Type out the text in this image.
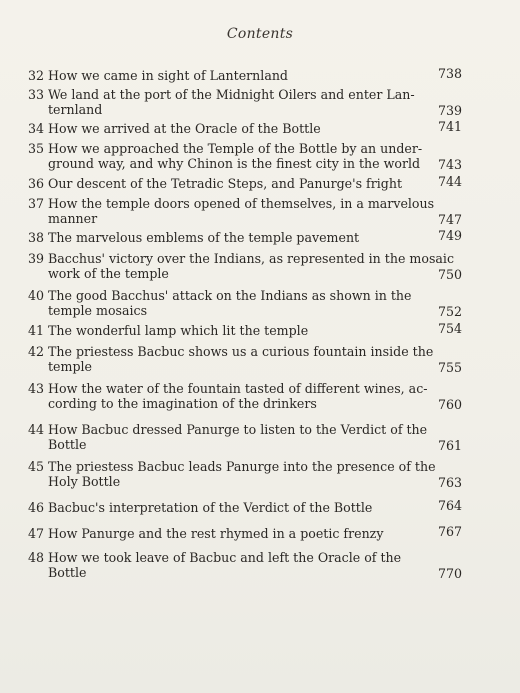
Contents
32 How we came in sight of Lanternland	738
33 We land at the port of the Midnight Oilers and enter Lan-
ternland	739
34 How we arrived at the Oracle of the Bottle	741
35 How we approached the Temple of the Bottle by an under-
ground way, and why Chinon is the finest city in the world	743
36 Our descent of the Tetradic Steps, and Panurge's fright	744
37 How the temple doors opened of themselves, in a marvelous
manner	747
38 The marvelous emblems of the temple pavement	749
39 Bacchus' victory over the Indians, as represented in the mosaic
work of the temple	750
40 The good Bacchus' attack on the Indians as shown in the
temple mosaics	752
41 The wonderful lamp which lit the temple	754
42 The priestess Bacbuc shows us a curious fountain inside the
temple	755
43 How the water of the fountain tasted of different wines, ac-
cording to the imagination of the drinkers	760
44 How Bacbuc dressed Panurge to listen to the Verdict of the
Bottle	761
45 The priestess Bacbuc leads Panurge into the presence of the
Holy Bottle	763
46 Bacbuc's interpretation of the Verdict of the Bottle	764
47 How Panurge and the rest rhymed in a poetic frenzy	767
48 How we took leave of Bacbuc and left the Oracle of the
Bottle	770
